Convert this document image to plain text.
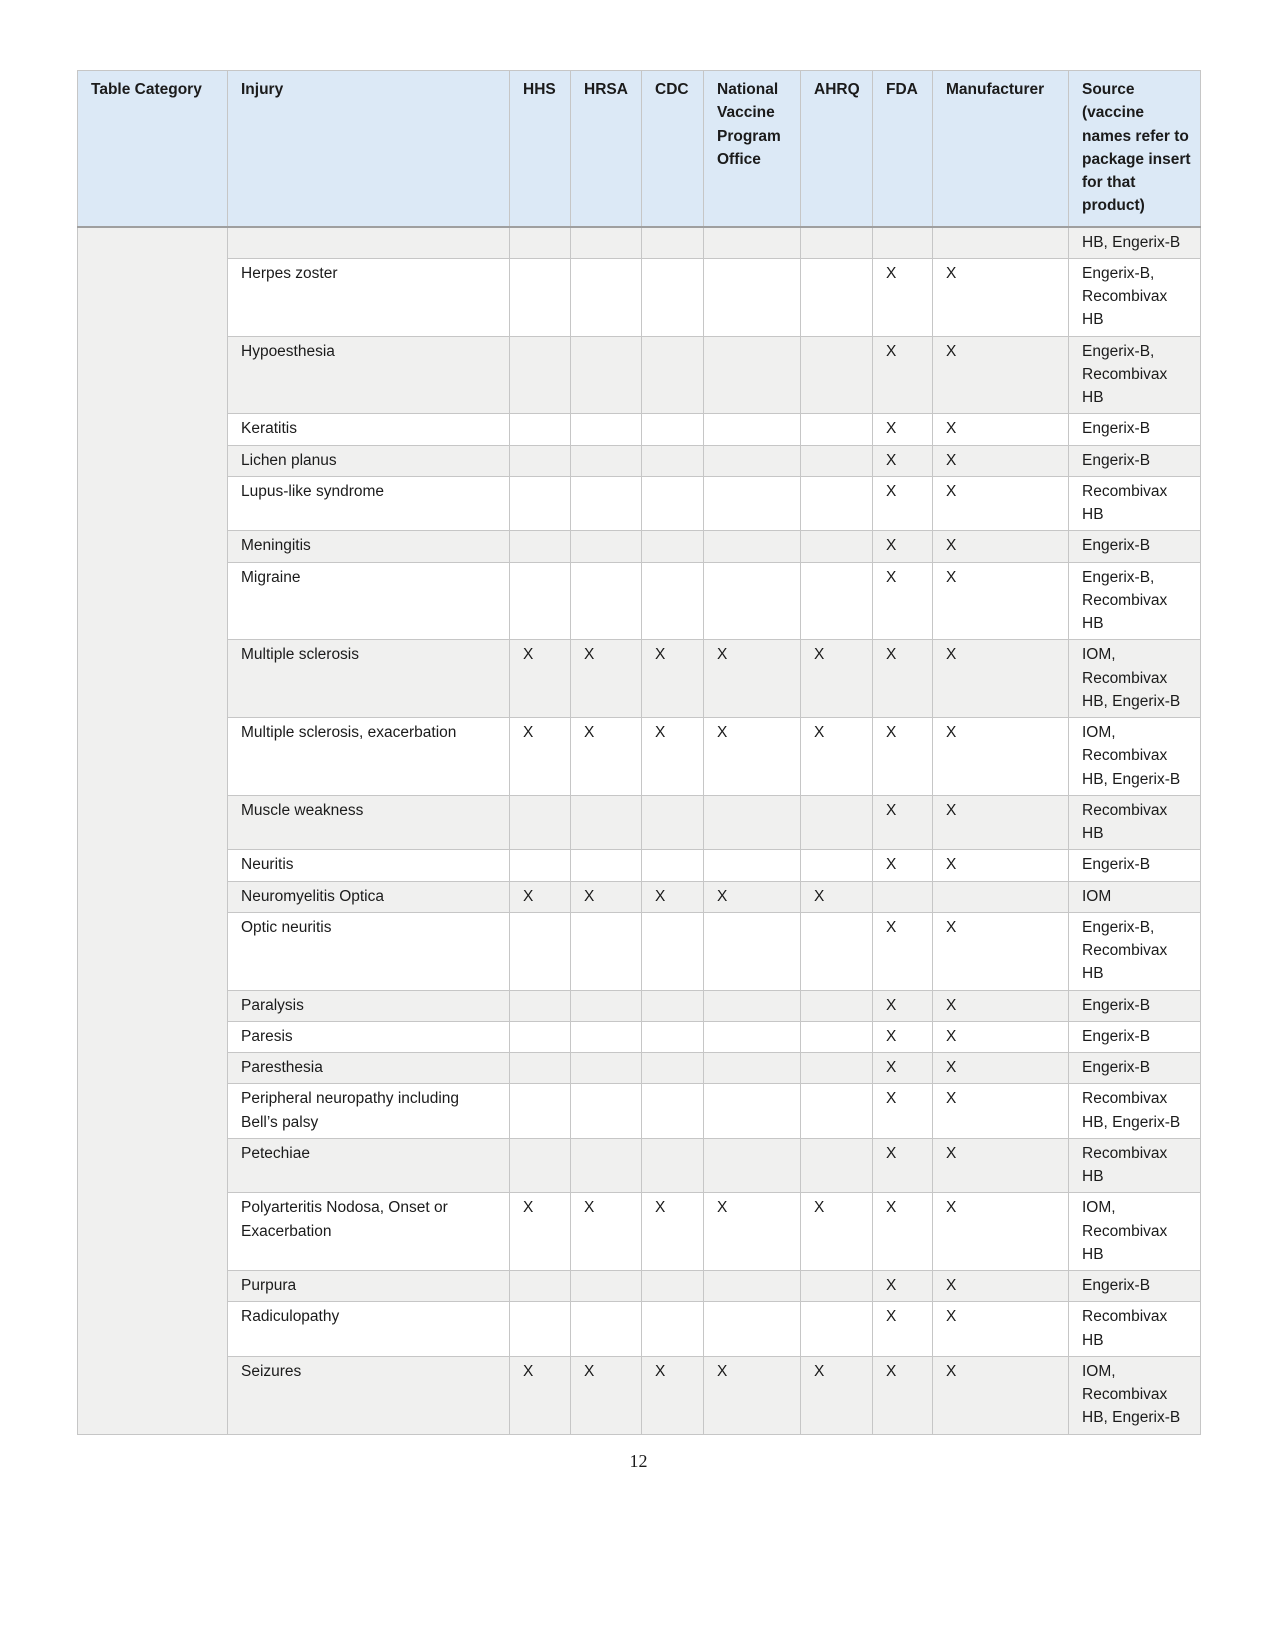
Table Category	Injury	HHS	HRSA	CDC	National Vaccine Program Office	AHRQ	FDA	Manufacturer	Source (vaccine names refer to package insert for that product)
									HB, Engerix-B
	Herpes zoster						X	X	Engerix-B, Recombivax HB
	Hypoesthesia						X	X	Engerix-B, Recombivax HB
	Keratitis						X	X	Engerix-B
	Lichen planus						X	X	Engerix-B
	Lupus-like syndrome						X	X	Recombivax HB
	Meningitis						X	X	Engerix-B
	Migraine						X	X	Engerix-B, Recombivax HB
	Multiple sclerosis	X	X	X	X	X	X	X	IOM, Recombivax HB, Engerix-B
	Multiple sclerosis, exacerbation	X	X	X	X	X	X	X	IOM, Recombivax HB, Engerix-B
	Muscle weakness						X	X	Recombivax HB
	Neuritis						X	X	Engerix-B
	Neuromyelitis Optica	X	X	X	X	X			IOM
	Optic neuritis						X	X	Engerix-B, Recombivax HB
	Paralysis						X	X	Engerix-B
	Paresis						X	X	Engerix-B
	Paresthesia						X	X	Engerix-B
	Peripheral neuropathy including Bell’s palsy						X	X	Recombivax HB, Engerix-B
	Petechiae						X	X	Recombivax HB
	Polyarteritis Nodosa, Onset or Exacerbation	X	X	X	X	X	X	X	IOM, Recombivax HB
	Purpura						X	X	Engerix-B
	Radiculopathy						X	X	Recombivax HB
	Seizures	X	X	X	X	X	X	X	IOM, Recombivax HB, Engerix-B
12
